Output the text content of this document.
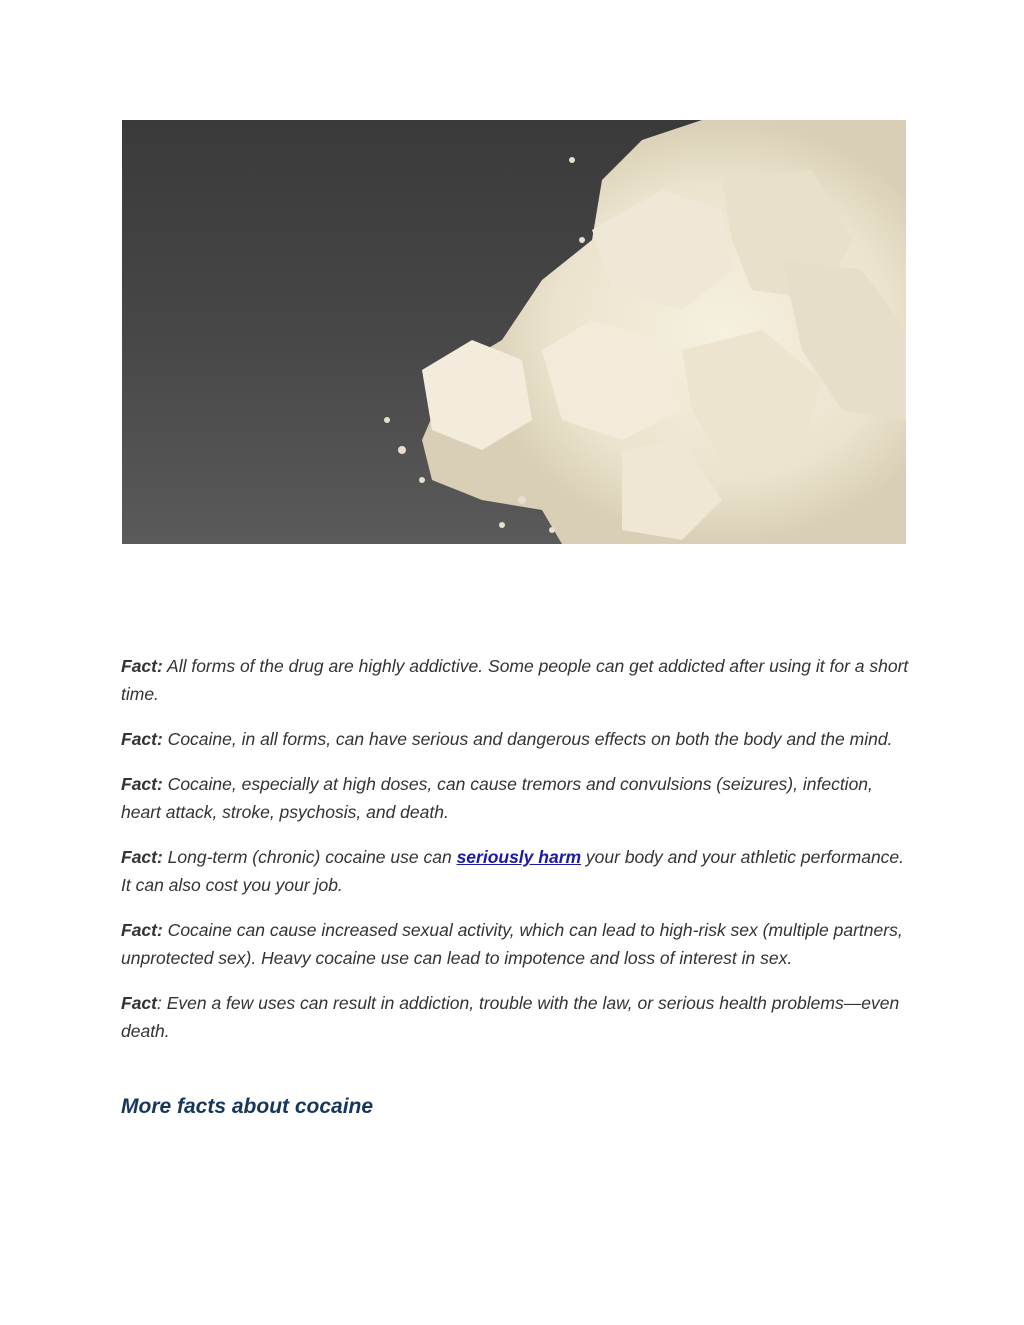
Fact: All forms of the drug are highly addictive. Some people can get addicted after using it for a short time.

Fact: Cocaine, in all forms, can have serious and dangerous effects on both the body and the mind.

Fact: Cocaine, especially at high doses, can cause tremors and convulsions (seizures), infection, heart attack, stroke, psychosis, and death.

Fact: Long-term (chronic) cocaine use can seriously harm your body and your athletic performance. It can also cost you your job.

Fact: Cocaine can cause increased sexual activity, which can lead to high-risk sex (multiple partners, unprotected sex). Heavy cocaine use can lead to impotence and loss of interest in sex.

Fact: Even a few uses can result in addiction, trouble with the law, or serious health problems—even death.

More facts about cocaine
